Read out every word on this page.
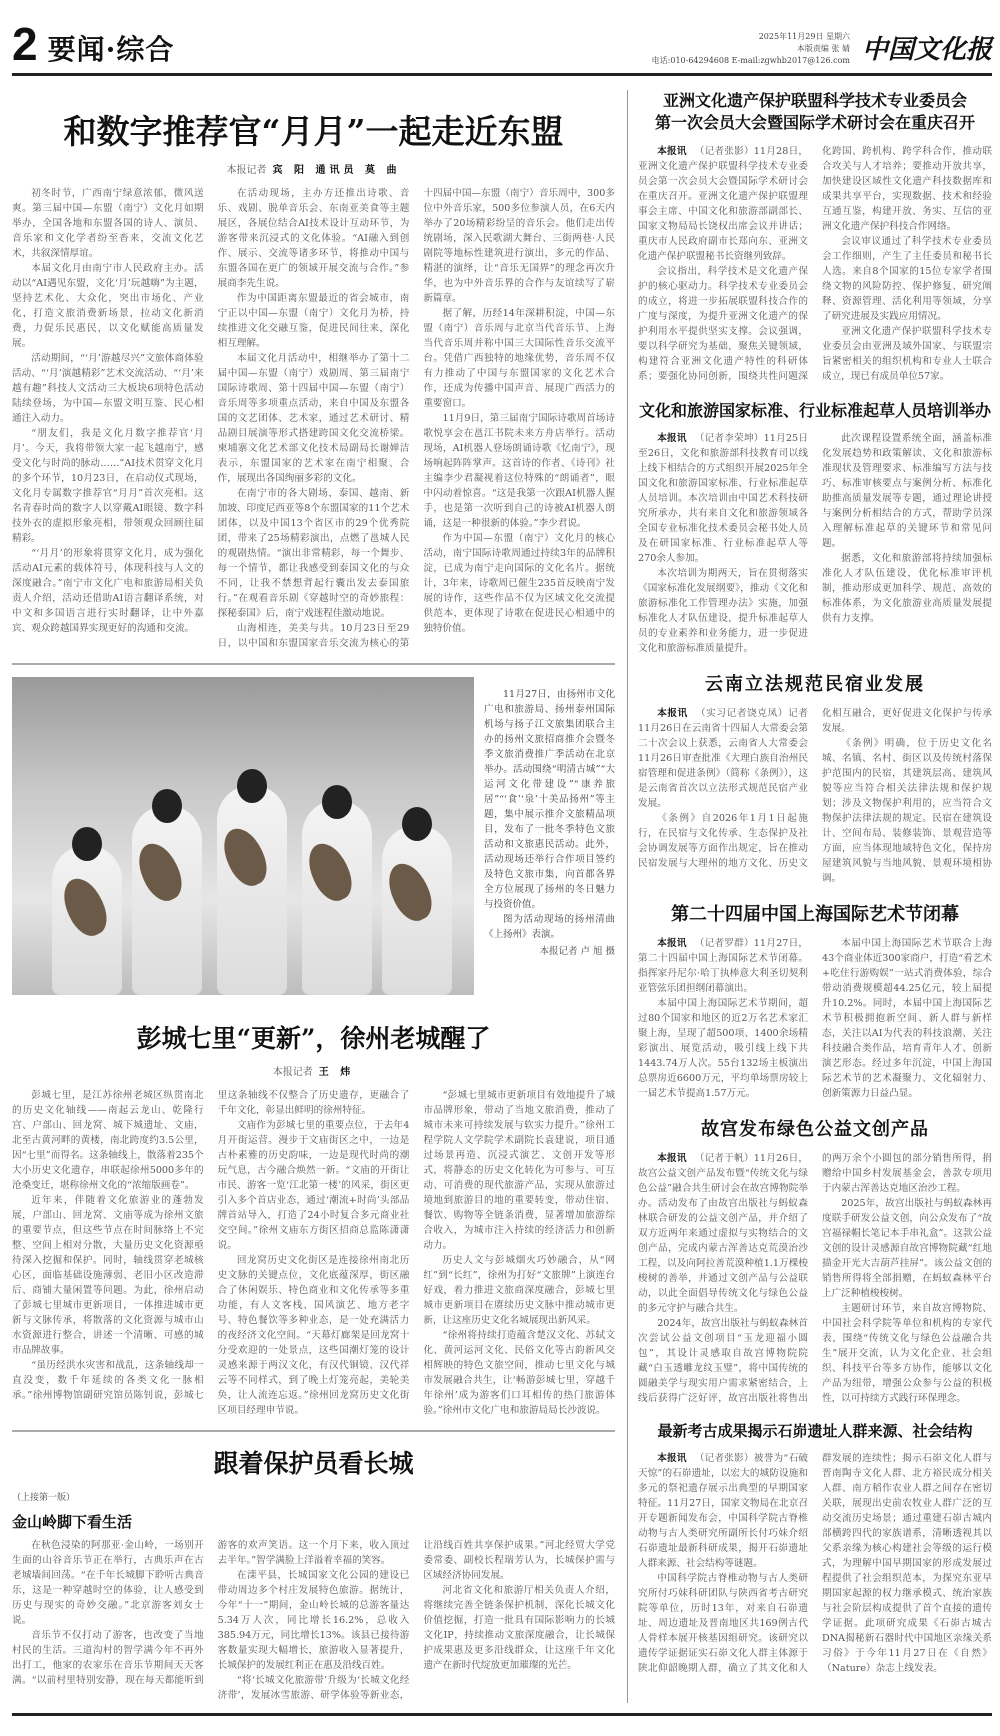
2 要闻·综合	2025年11月29日 星期六
本版责编 张 婧
电话:010-64294608 E-mail:zgwhb2017@126.com 中国文化报
和数字推荐官“月月”一起走近东盟
本报记者 宾 阳 通讯员 莫 曲

初冬时节，广西南宁绿意浓郁，微风送爽。第三届中国—东盟（南宁）文化月如期举办，全国各地和东盟各国的诗人、演员、音乐家和文化学者纷至沓来，交流文化艺术，共叙深情厚谊。

本届文化月由南宁市人民政府主办。活动以“AI遇见东盟，文化‘月’玩越嗨”为主题，坚持艺术化、大众化，突出市场化、产业化，打造文旅消费新场景，拉动文化新消费，力促乐民惠民，以文化赋能高质量发展。

活动期间，“‘月’游越尽兴”文旅体商体验活动、“‘月’演越精彩”艺术交流活动、“‘月’来越有趣”科技人文活动三大板块6项特色活动陆续登场，为中国—东盟文明互鉴、民心相通注入动力。

“朋友们，我是文化月数字推荐官‘月月’。今天，我将带领大家一起飞越南宁，感受文化与时尚的脉动……”AI技术贯穿文化月的多个环节，10月23日，在启动仪式现场，文化月专属数字推荐官“月月”首次亮相。这名青春时尚的数字人以穿戴AI眼镜、数字科技外衣的虚拟形象亮相，带领观众回顾往届精彩。

“‘月月’的形象将贯穿文化月，成为强化活动AI元素的载体符号，体现科技与人文的深度融合。”南宁市文化广电和旅游局相关负责人介绍，活动还借助AI语言翻译系统，对中文和多国语言进行实时翻译，让中外嘉宾、观众跨越国界实现更好的沟通和交流。

在活动现场，主办方还推出诗歌、音乐、戏剧、脱单音乐会、东南亚美食等主题展区，各展位结合AI技术设计互动环节，为游客带来沉浸式的文化体验。“AI融入到创作、展示、交流等诸多环节，将推动中国与东盟各国在更广的领域开展交流与合作。”参展商李先生说。

作为中国距离东盟最近的省会城市，南宁正以中国—东盟（南宁）文化月为桥，持续推进文化交融互鉴，促进民间往来，深化相互理解。

本届文化月活动中，相继举办了第十二届中国—东盟（南宁）戏剧周、第三届南宁国际诗歌周、第十四届中国—东盟（南宁）音乐周等多项重点活动，来自中国及东盟各国的文艺团体、艺术家，通过艺术研讨、精品剧目展演等形式搭建跨国文化交流桥梁。柬埔寨文化艺术部文化技术局副局长谢婵洁表示，东盟国家的艺术家在南宁相聚、合作，展现出各国绚丽多彩的文化。

在南宁市的各大剧场，泰国、越南、新加坡、印度尼西亚等8个东盟国家的11个艺术团体，以及中国13个省区市的29个优秀院团，带来了25场精彩演出，点燃了邕城人民的观剧热情。“演出非常精彩，每一个舞步、每一个情节，都让我感受到泰国文化的与众不同，让我不禁想背起行囊出发去泰国旅行。”在观看音乐剧《穿越时空的奇妙旅程：探秘泰国》后，南宁戏迷程佳激动地说。

山海相连，美美与共。10月23日至29日，以中国和东盟国家音乐交流为核心的第十四届中国—东盟（南宁）音乐周中，300多位中外音乐家，500多位参演人员，在6天内举办了20场精彩纷呈的音乐会。他们走出传统剧场，深入民歌湖大舞台、三街两巷·人民剧院等地标性建筑进行演出，多元的作品、精湛的演绎，让“音乐无国界”的理念再次升华，也为中外音乐界的合作与友谊续写了崭新篇章。

据了解，历经14年深耕积淀，中国—东盟（南宁）音乐周与北京当代音乐节、上海当代音乐周并称中国三大国际性音乐交流平台。凭借广西独特的地缘优势，音乐周不仅有力推动了中国与东盟国家的文化艺术合作，还成为传播中国声音、展现广西活力的重要窗口。

11月9日，第三届南宁国际诗歌周首场诗歌悦享会在邕江书院未来方舟店举行。活动现场，AI机器人登场朗诵诗歌《忆南宁》，现场响起阵阵掌声。这首诗的作者、《诗刊》社主编李少君凝视着这位特殊的“朗诵者”，眼中闪动着惊喜。“这是我第一次跟AI机器人握手，也是第一次听到自己的诗被AI机器人朗诵，这是一种很新的体验。”李少君说。

作为中国—东盟（南宁）文化月的核心活动，南宁国际诗歌周通过持续3年的品牌积淀，已成为南宁走向国际的文化名片。据统计，3年来，诗歌周已催生235首反映南宁发展的诗作，这些作品不仅为区域文化交流提供范本，更体现了诗歌在促进民心相通中的独特价值。

11月27日，由扬州市文化广电和旅游局、扬州泰州国际机场与扬子江文旅集团联合主办的扬州文旅招商推介会暨冬季文旅消费推广季活动在北京举办。活动围绕“明清古城”“大运河文化带建设”“康养旅居”“‘食’‘泉’十美品扬州”等主题，集中展示推介文旅精品项目，发布了一批冬季特色文旅活动和文旅惠民活动。此外，活动现场还举行合作项目签约及特色文旅市集，向首都各界全方位展现了扬州的冬日魅力与投资价值。

图为活动现场的扬州清曲《上扬州》表演。

本报记者 卢 旭 摄
彭城七里“更新”，徐州老城醒了
本报记者 王 炜

彭城七里，是江苏徐州老城区纵贯南北的历史文化轴线——南起云龙山、乾隆行宫、户部山、回龙窝、城下城遗址、文庙，北至古黄河畔的黄楼，南北跨度约3.5公里，因“七里”而得名。这条轴线上，散落着235个大小历史文化遗存，串联起徐州5000多年的沧桑变迁，堪称徐州文化的“浓缩版画卷”。

近年来，伴随着文化旅游业的蓬勃发展，户部山、回龙窝、文庙等成为徐州文旅的重要节点，但这些节点在时间脉络上不完整、空间上相对分散，大量历史文化资源亟待深入挖掘和保护。同时，轴线贯穿老城核心区，面临基础设施薄弱、老旧小区改造滞后、商铺大量闲置等问题。为此，徐州启动了彭城七里城市更新项目，一体推进城市更新与文脉传承，将散落的文化资源与城市山水资源进行整合，讲述一个清晰、可感的城市品牌故事。

“虽历经洪水灾害和战乱，这条轴线却一直没变，数千年延续的各类文化一脉相承。”徐州博物馆副研究馆员陈钊说，彭城七里这条轴线不仅整合了历史遗存，更融合了千年文化，彰显出鲜明的徐州特征。

文庙作为彭城七里的重要点位，于去年4月开街运营。漫步于文庙街区之中，一边是古朴素雅的历史韵味，一边是现代时尚的潮玩气息，古今融合焕然一新。“文庙的开街让市民、游客一览‘江北第一楼’的风采，街区更引入多个首店业态，通过‘潮流+时尚’头部品牌首站导入，打造了24小时复合多元商业社交空间。”徐州文庙东方街区招商总监陈潇潇说。

回龙窝历史文化街区是连接徐州南北历史文脉的关键点位，文化底蕴深厚，街区融合了休闲娱乐、特色商业和文化传承等多重功能，有人文客栈、国风演艺、地方老字号、特色餐饮等多种业态，是一处充满活力的夜经济文化空间。“天幕灯廊架是回龙窝十分受欢迎的一处景点，这些国潮灯笼的设计灵感来源于两汉文化，有汉代铜镜、汉代祥云等不同样式，到了晚上灯笼亮起，美轮美奂，让人流连忘返。”徐州回龙窝历史文化街区项目经理申节说。

“彭城七里城市更新项目有效地提升了城市品牌形象，带动了当地文旅消费，推动了城市未来可持续发展与软实力提升。”徐州工程学院人文学院学术副院长袁建说，项目通过场景再造、沉浸式演艺、文创开发等形式，将静态的历史文化转化为可参与、可互动、可消费的现代旅游产品，实现从旅游过境地到旅游目的地的重要转变，带动住宿、餐饮、购物等全链条消费，显著增加旅游综合收入，为城市注入持续的经济活力和创新动力。

历史人文与彭城烟火巧妙融合，从“网红”到“长红”，徐州为打好“文旅牌”上演连台好戏，着力推进文旅商深度融合，彭城七里城市更新项目在赓续历史文脉中推动城市更新，让这座历史文化名城展现出新风采。

“徐州将持续打造蕴含楚汉文化、苏轼文化、黄河运河文化、民俗文化等古韵新风交相辉映的特色文旅空间，推动七里文化与城市发展融合共生，让‘畅游彭城七里，穿越千年徐州’成为游客们口耳相传的热门旅游体验。”徐州市文化广电和旅游局局长沙波说。

跟着保护员看长城
（上接第一版）
金山岭脚下看生活

在秋色浸染的阿那亚·金山岭，一场别开生面的山谷音乐节正在举行，古典乐声在古老城墙间回荡。“在千年长城脚下聆听古典音乐，这是一种穿越时空的体验，让人感受到历史与现实的奇妙交融。”北京游客刘女士说。

音乐节不仅打动了游客，也改变了当地村民的生活。三道沟村的智学满今年不再外出打工，他家的农家乐在音乐节期间天天客满。“以前村里特别安静，现在每天都能听到游客的欢声笑语。这一个月下来，收入顶过去半年。”智学满脸上洋溢着幸福的笑容。

在滦平县，长城国家文化公园的建设已带动周边多个村庄发展特色旅游。据统计，今年“十一”期间，金山岭长城的总游客量达5.34万人次，同比增长16.2%，总收入385.94万元，同比增长13%。该县已接待游客数量实现大幅增长，旅游收入显著提升，长城保护的发展红利正在惠及沿线百姓。

“将‘长城文化旅游带’升级为‘长城文化经济带’，发展冰雪旅游、研学体验等新业态，让沿线百姓共享保护成果。”河北经贸大学党委常委、副校长程瑞芳认为，长城保护需与区域经济协同发展。

河北省文化和旅游厅相关负责人介绍，将继续完善全链条保护机制，深化长城文化价值挖掘，打造一批具有国际影响力的长城文化IP，持续推动文旅深度融合，让长城保护成果惠及更多沿线群众，让这座千年文化遗产在新时代绽放更加璀璨的光芒。

亚洲文化遗产保护联盟科学技术专业委员会
第一次会员大会暨国际学术研讨会在重庆召开

本报讯 （记者张影）11月28日，亚洲文化遗产保护联盟科学技术专业委员会第一次会员大会暨国际学术研讨会在重庆召开。亚洲文化遗产保护联盟理事会主席、中国文化和旅游部副部长、国家文物局局长饶权出席会议并讲话；重庆市人民政府副市长郑向东、亚洲文化遗产保护联盟秘书长资继列致辞。

会议指出，科学技术是文化遗产保护的核心驱动力。科学技术专业委员会的成立，将进一步拓展联盟科技合作的广度与深度，为提升亚洲文化遗产的保护利用水平提供坚实支撑。会议强调，要以科学研究为基础，聚焦关键领域，构建符合亚洲文化遗产特性的科研体系；要强化协同创新，围绕共性问题深化跨国、跨机构、跨学科合作，推动联合攻关与人才培养；要推动开放共享，加快建设区域性文化遗产科技数据库和成果共享平台，实现数据、技术和经验互通互鉴，构建开放、务实、互信的亚洲文化遗产保护科技合作网络。

会议审议通过了科学技术专业委员会工作细则，产生了主任委员和秘书长人选。来自8个国家的15位专家学者围绕文物的风险防控、保护修复、研究阐释、资源管理、活化利用等领域，分享了研究进展及实践应用情况。

亚洲文化遗产保护联盟科学技术专业委员会由亚洲及域外国家、与联盟宗旨紧密相关的组织机构和专业人士联合成立，现已有成员单位57家。

文化和旅游国家标准、行业标准起草人员培训举办

本报讯 （记者李荣坤）11月25日至26日，文化和旅游部科技教育司以线上线下相结合的方式组织开展2025年全国文化和旅游国家标准、行业标准起草人员培训。本次培训由中国艺术科技研究所承办，共有来自文化和旅游领域各全国专业标准化技术委员会秘书处人员及在研国家标准、行业标准起草人等270余人参加。

本次培训为期两天，旨在贯彻落实《国家标准化发展纲要》，推动《文化和旅游标准化工作管理办法》实施，加强标准化人才队伍建设，提升标准起草人员的专业素养和业务能力，进一步促进文化和旅游标准质量提升。

此次课程设置系统全面，涵盖标准化发展趋势和政策解读、文化和旅游标准现状及管理要求、标准编写方法与技巧、标准审核要点与案例分析、标准化助推高质量发展等专题，通过理论讲授与案例分析相结合的方式，帮助学员深入理解标准起草的关键环节和常见问题。

据悉，文化和旅游部将持续加强标准化人才队伍建设，优化标准审评机制，推动形成更加科学、规范、高效的标准体系，为文化旅游业高质量发展提供有力支撑。

云南立法规范民宿业发展

本报讯 （实习记者饶克凤）记者11月26日在云南省十四届人大常委会第二十次会议上获悉，云南省人大常委会11月26日审查批准《大理白族自治州民宿管理和促进条例》（简称《条例》），这是云南省首次以立法形式规范民宿产业发展。

《条例》自2026年1月1日起施行，在民宿与文化传承、生态保护及社会协调发展等方面作出规定，旨在推动民宿发展与大理州的地方文化、历史文化相互融合，更好促进文化保护与传承发展。

《条例》明确，位于历史文化名城、名镇、名村、街区以及传统村落保护范围内的民宿，其建筑层高、建筑风貌等应当符合相关法律法规和保护规划；涉及文物保护利用的，应当符合文物保护法律法规的规定。民宿在建筑设计、空间布局、装修装饰、景观营造等方面，应当体现地域特色文化，保持房屋建筑风貌与当地风貌、景观环境相协调。

第二十四届中国上海国际艺术节闭幕

本报讯 （记者罗群）11月27日，第二十四届中国上海国际艺术节闭幕。指挥家丹尼尔·哈丁执棒意大利圣切契利亚管弦乐团担纲闭幕演出。

本届中国上海国际艺术节期间，超过80个国家和地区的近2万名艺术家汇聚上海，呈现了超500项、1400余场精彩演出、展览活动，吸引线上线下共1443.74万人次。55台132场主板演出总票房近6600万元，平均单场票房较上一届艺术节提高1.57万元。

本届中国上海国际艺术节联合上海43个商业体近300家商户，打造“看艺术+吃住行游购娱”一站式消费体验，综合带动消费规模超44.25亿元，较上届提升10.2%。同时，本届中国上海国际艺术节积极拥抱新空间、新人群与新样态，关注以AI为代表的科技浪潮、关注科技融合类作品，培育青年人才、创新演艺形态。经过多年沉淀，中国上海国际艺术节的艺术凝聚力、文化辐射力、创新策源力日益凸显。

故宫发布绿色公益文创产品

本报讯 （记者于帆）11月26日，故宫公益文创产品发布暨“传统文化与绿色公益”融合共生研讨会在故宫博物院举办。活动发布了由故宫出版社与蚂蚁森林联合研发的公益文创产品，并介绍了双方近两年来通过虚拟与实物结合的文创产品，完成内蒙古浑善达克荒漠治沙工程，以及向阿拉善荒漠种植1.1万棵梭梭树的善举，并通过文创产品与公益联动，以此全面倡导传统文化与绿色公益的多元守护与融合共生。

2024年，故宫出版社与蚂蚁森林首次尝试公益文创项目“玉龙迎福小圆包”，其设计灵感取自故宫博物院院藏“白玉透雕龙纹玉璧”，将中国传统的圆融美学与现实用户需求紧密结合，上线后获得广泛好评，故宫出版社将售出的两万余个小圆包的部分销售所得，捐赠给中国乡村发展基金会，善款专项用于内蒙古浑善达克地区治沙工程。

2025年，故宫出版社与蚂蚁森林再度联手研发公益文创，向公众发布了“故宫福禄帽长笔记本手串礼盒”。这款公益文创的设计灵感源自故宫博物院藏“红地描金开光大吉葫芦挂屏”。该公益文创的销售所得将全部捐赠，在蚂蚁森林平台上广泛种植梭梭树。

主题研讨环节，来自故宫博物院、中国社会科学院等单位和机构的专家代表，围绕“传统文化与绿色公益融合共生”展开交流，认为文化企业、社会组织、科技平台等多方协作，能够以文化产品为纽带，增强公众参与公益的积极性，以可持续方式践行环保理念。

最新考古成果揭示石峁遗址人群来源、社会结构

本报讯 （记者张影）被誉为“石破天惊”的石峁遗址，以宏大的城防设施和多元的祭祀遗存展示出典型的早期国家特征。11月27日，国家文物局在北京召开专题新闻发布会，中国科学院古脊椎动物与古人类研究所副所长付巧妹介绍石峁遗址最新科研成果，揭开石峁遗址人群来源、社会结构等谜题。

中国科学院古脊椎动物与古人类研究所付巧妹科研团队与陕西省考古研究院等单位，历时13年，对来自石峁遗址、周边遗址及晋南地区共169例古代人骨样本展开核基因组研究。该研究以遗传学证据证实石峁文化人群主体源于陕北仰韶晚期人群，确立了其文化和人群发展的连续性；揭示石峁文化人群与晋南陶寺文化人群、北方裕民成分相关人群、南方稻作农业人群之间存在密切关联，展现出史前农牧业人群广泛的互动交流历史场景；通过重建石峁古城内部横跨四代的家族谱系，清晰透视其以父系亲缘为核心构建社会等级的运行模式，为理解中国早期国家的形成发展过程提供了社会组织范本，为探究东亚早期国家起源的权力继承模式、统治家族与社会阶层构成提供了首个直接的遗传学证据。此项研究成果《石峁古城古DNA揭秘新石器时代中国地区亲缘关系习俗》于今年11月27日在《自然》（Nature）杂志上线发表。
